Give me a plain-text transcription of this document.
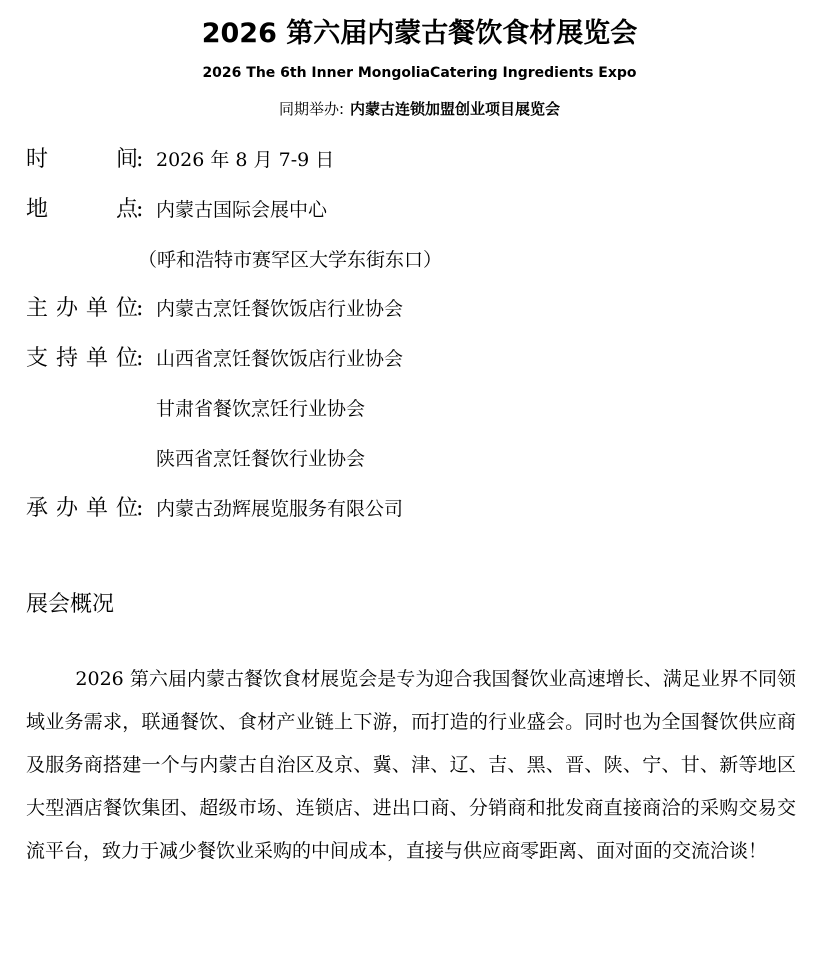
2026 第六届内蒙古餐饮食材展览会
2026 The 6th Inner MongoliaCatering Ingredients Expo
同期举办: 内蒙古连锁加盟创业项目展览会
时 间
: 2026 年 8 月 7-9 日
地 点
: 内蒙古国际会展中心
（呼和浩特市赛罕区大学东街东口）
主办单位
: 内蒙古烹饪餐饮饭店行业协会
支持单位
: 山西省烹饪餐饮饭店行业协会
甘肃省餐饮烹饪行业协会
陕西省烹饪餐饮行业协会
承办单位
: 内蒙古劲辉展览服务有限公司
展会概况

2026 第六届内蒙古餐饮食材展览会是专为迎合我国餐饮业高速增长、满足业界不同领域业务需求，联通餐饮、食材产业链上下游，而打造的行业盛会。同时也为全国餐饮供应商及服务商搭建一个与内蒙古自治区及京、冀、津、辽、吉、黑、晋、陕、宁、甘、新等地区大型酒店餐饮集团、超级市场、连锁店、进出口商、分销商和批发商直接商洽的采购交易交流平台，致力于减少餐饮业采购的中间成本，直接与供应商零距离、面对面的交流洽谈！
